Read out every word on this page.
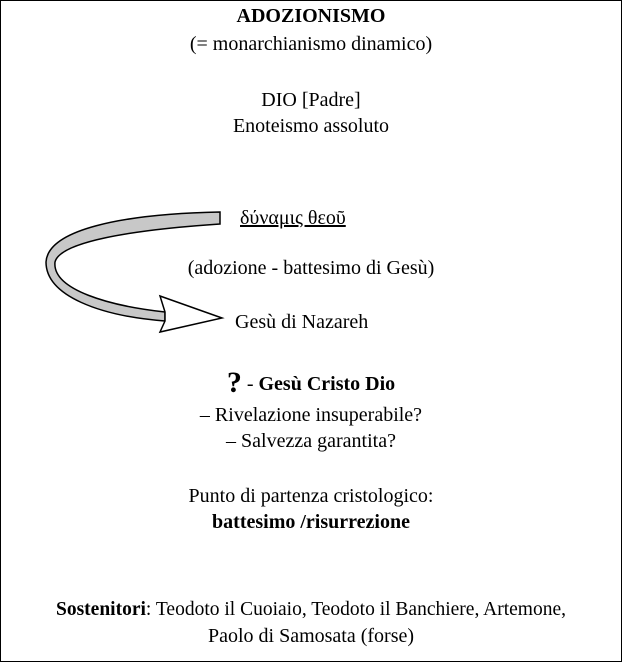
ADOZIONISMO
(= monarchianismo dinamico)
DIO [Padre]
Enoteismo assoluto
δύναμις θεοῦ
(adozione - battesimo di Gesù)
Gesù di Nazareh
? - Gesù Cristo Dio
– Rivelazione insuperabile?
– Salvezza garantita?
Punto di partenza cristologico:
battesimo /risurrezione
Sostenitori: Teodoto il Cuoiaio, Teodoto il Banchiere, Artemone,
Paolo di Samosata (forse)
